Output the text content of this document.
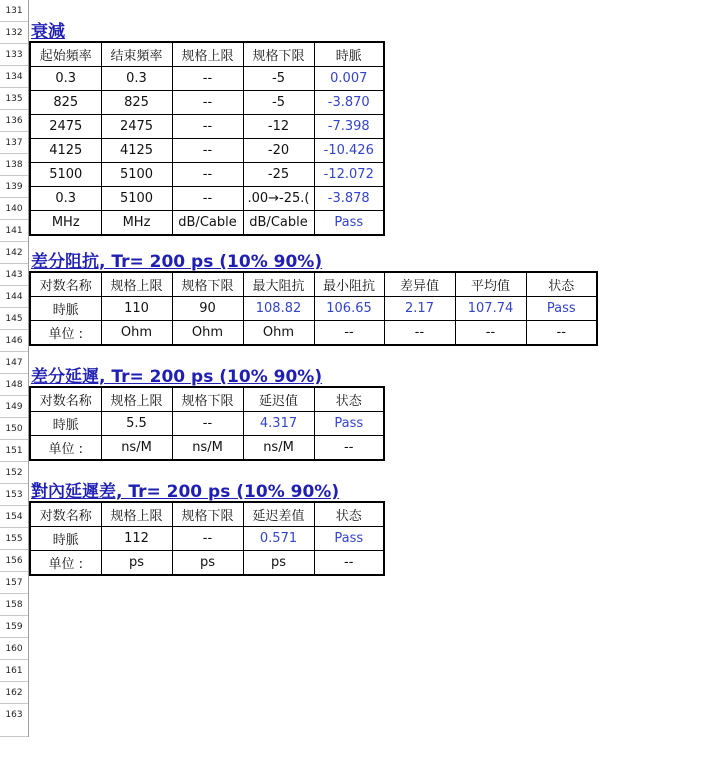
131
132
133
134
135
136
137
138
139
140
141
142
143
144
145
146
147
148
149
150
151
152
153
154
155
156
157
158
159
160
161
162
163
衰減
起始頻率	结束頻率	规格上限	规格下限	時脈
0.3	0.3	--	-5	0.007
825	825	--	-5	-3.870
2475	2475	--	-12	-7.398
4125	4125	--	-20	-10.426
5100	5100	--	-25	-12.072
0.3	5100	--	.00→-25.(	-3.878
MHz	MHz	dB/Cable	dB/Cable	Pass
差分阻抗, Tr= 200 ps (10% 90%)
对数名称	规格上限	规格下限	最大阻抗	最小阻抗	差异值	平均值	状态
時脈	110	90	108.82	106.65	2.17	107.74	Pass
单位 :	Ohm	Ohm	Ohm	--	--	--	--
差分延遲, Tr= 200 ps (10% 90%)
对数名称	规格上限	规格下限	延迟值	状态
時脈	5.5	--	4.317	Pass
单位 :	ns/M	ns/M	ns/M	--
對內延遲差, Tr= 200 ps (10% 90%)
对数名称	规格上限	规格下限	延迟差值	状态
時脈	112	--	0.571	Pass
单位 :	ps	ps	ps	--
